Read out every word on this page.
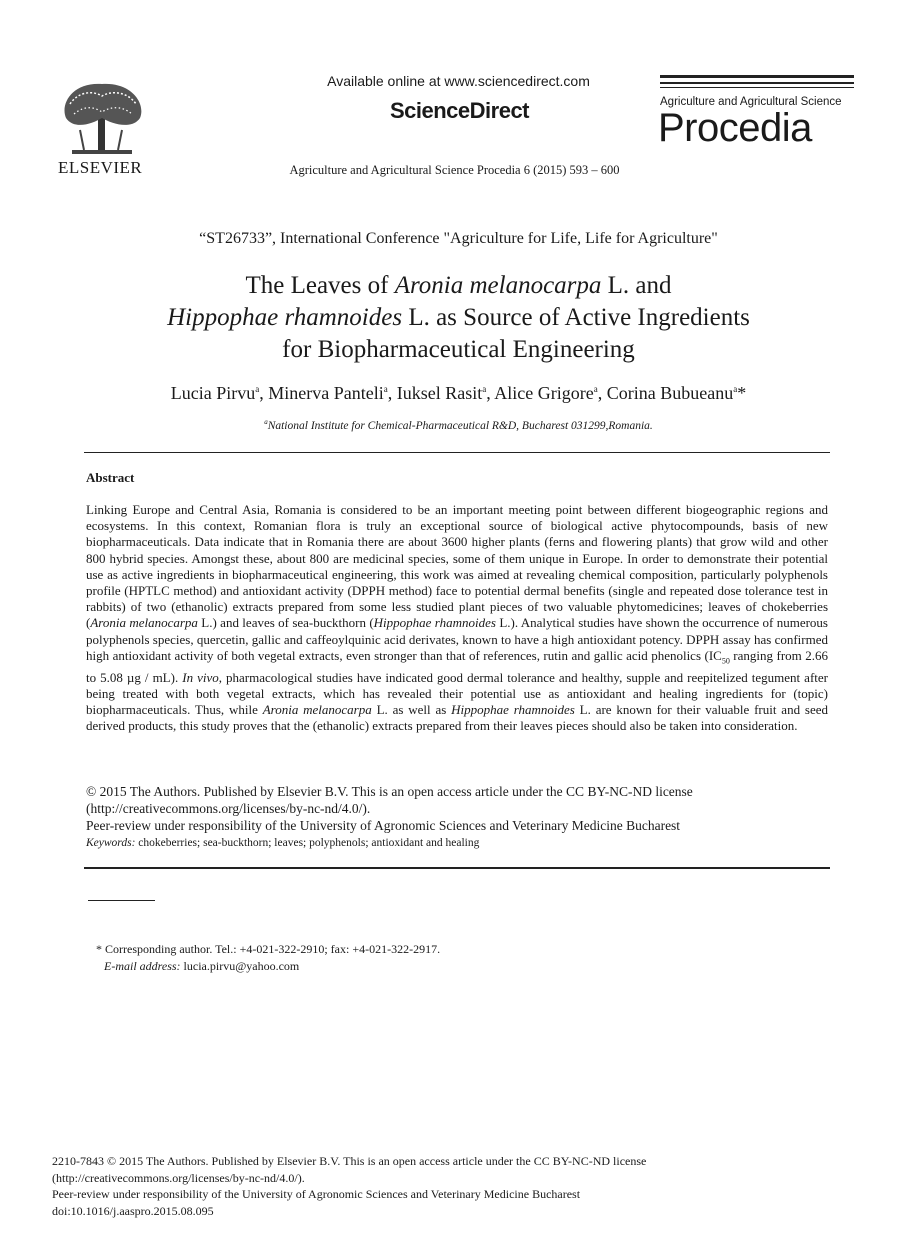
ELSEVIER
Available online at www.sciencedirect.com
ScienceDirect
Agriculture and Agricultural Science Procedia 6 (2015) 593 – 600
Agriculture and Agricultural Science
Procedia
“ST26733”, International Conference "Agriculture for Life, Life for Agriculture"
The Leaves of Aronia melanocarpa L. and
Hippophae rhamnoides L. as Source of Active Ingredients
for Biopharmaceutical Engineering
Lucia Pirvu$^a$, Minerva Panteli$^a$, Iuksel Rasit$^a$, Alice Grigore$^a$, Corina Bubueanu$^a$*
$^a$National Institute for Chemical-Pharmaceutical R&D, Bucharest 031299,Romania.
Abstract
Linking Europe and Central Asia, Romania is considered to be an important meeting point between different biogeographic regions and ecosystems. In this context, Romanian flora is truly an exceptional source of biological active phytocompounds, basis of new biopharmaceuticals. Data indicate that in Romania there are about 3600 higher plants (ferns and flowering plants) that grow wild and other 800 hybrid species. Amongst these, about 800 are medicinal species, some of them unique in Europe. In order to demonstrate their potential use as active ingredients in biopharmaceutical engineering, this work was aimed at revealing chemical composition, particularly polyphenols profile (HPTLC method) and antioxidant activity (DPPH method) face to potential dermal benefits (single and repeated dose tolerance test in rabbits) of two (ethanolic) extracts prepared from some less studied plant pieces of two valuable phytomedicines; leaves of chokeberries (Aronia melanocarpa L.) and leaves of sea-buckthorn (Hippophae rhamnoides L.). Analytical studies have shown the occurrence of numerous polyphenols species, quercetin, gallic and caffeoylquinic acid derivates, known to have a high antioxidant potency. DPPH assay has confirmed high antioxidant activity of both vegetal extracts, even stronger than that of references, rutin and gallic acid phenolics ($IC_{50}$ ranging from 2.66 to 5.08 µg / mL). In vivo, pharmacological studies have indicated good dermal tolerance and healthy, supple and reepitelized tegument after being treated with both vegetal extracts, which has revealed their potential use as antioxidant and healing ingredients for (topic) biopharmaceuticals. Thus, while Aronia melanocarpa L. as well as Hippophae rhamnoides L. are known for their valuable fruit and seed derived products, this study proves that the (ethanolic) extracts prepared from their leaves pieces should also be taken into consideration.
© 2015 The Authors. Published by Elsevier B.V. This is an open access article under the CC BY-NC-ND license
(http://creativecommons.org/licenses/by-nc-nd/4.0/).
Peer-review under responsibility of the University of Agronomic Sciences and Veterinary Medicine Bucharest
Keywords: chokeberries; sea-buckthorn; leaves; polyphenols; antioxidant and healing
* Corresponding author. Tel.: +4-021-322-2910; fax: +4-021-322-2917.
E-mail address: lucia.pirvu@yahoo.com
2210-7843 © 2015 The Authors. Published by Elsevier B.V. This is an open access article under the CC BY-NC-ND license
(http://creativecommons.org/licenses/by-nc-nd/4.0/).
Peer-review under responsibility of the University of Agronomic Sciences and Veterinary Medicine Bucharest
doi:10.1016/j.aaspro.2015.08.095
